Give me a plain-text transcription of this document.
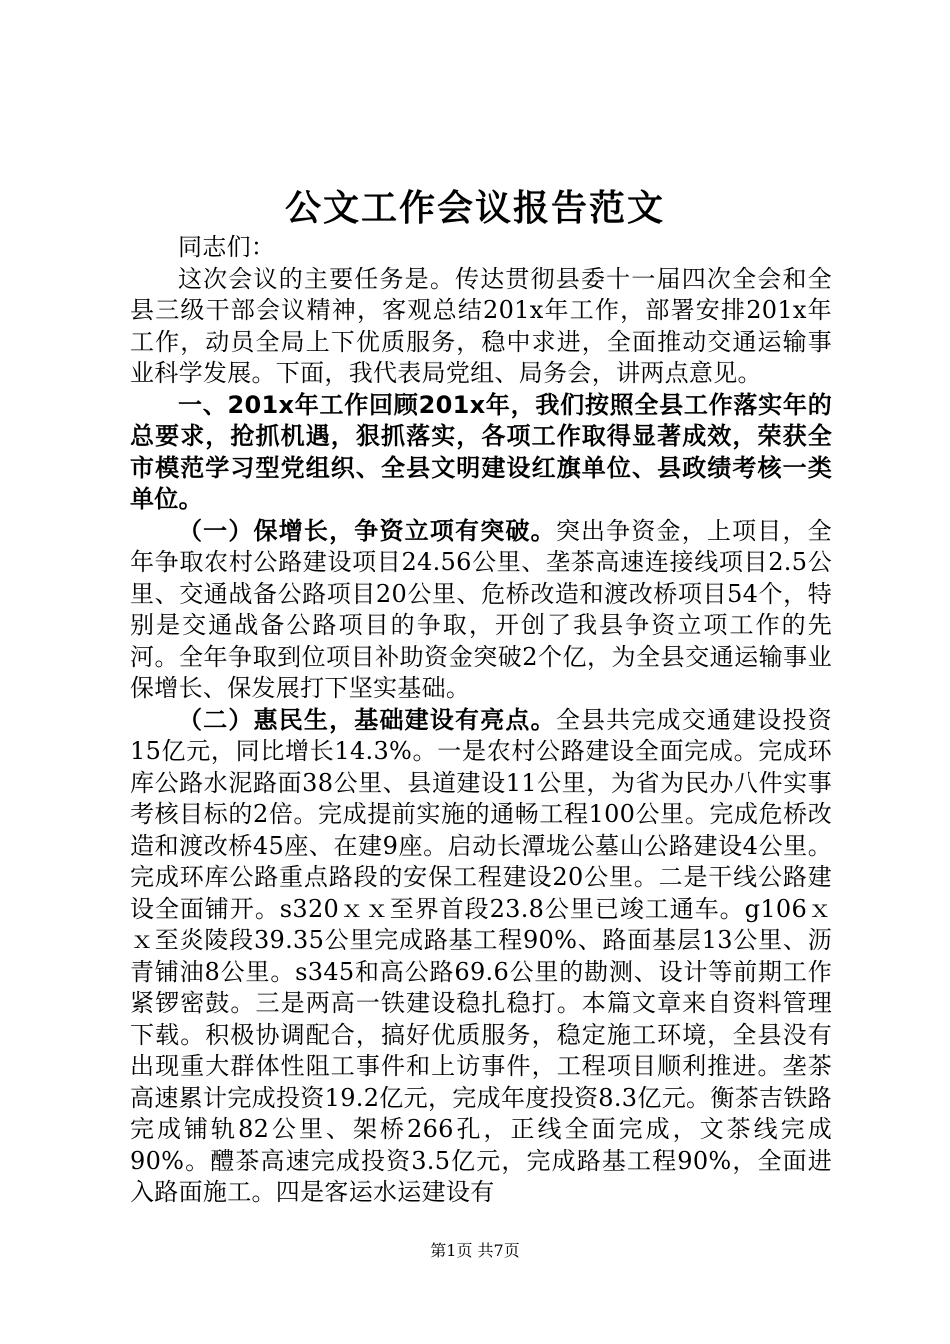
公文工作会议报告范文

同志们：

这次会议的主要任务是。传达贯彻县委十一届四次全会和全县三级干部会议精神，客观总结201x年工作，部署安排201x年工作，动员全局上下优质服务，稳中求进，全面推动交通运输事业科学发展。下面，我代表局党组、局务会，讲两点意见。

一、201x年工作回顾201x年，我们按照全县工作落实年的总要求，抢抓机遇，狠抓落实，各项工作取得显著成效，荣获全市模范学习型党组织、全县文明建设红旗单位、县政绩考核一类单位。

（一）保增长，争资立项有突破。突出争资金，上项目，全年争取农村公路建设项目24.56公里、垄茶高速连接线项目2.5公里、交通战备公路项目20公里、危桥改造和渡改桥项目54个，特别是交通战备公路项目的争取，开创了我县争资立项工作的先河。全年争取到位项目补助资金突破2个亿，为全县交通运输事业保增长、保发展打下坚实基础。

（二）惠民生，基础建设有亮点。全县共完成交通建设投资15亿元，同比增长14.3%。一是农村公路建设全面完成。完成环库公路水泥路面38公里、县道建设11公里，为省为民办八件实事考核目标的2倍。完成提前实施的通畅工程100公里。完成危桥改造和渡改桥45座、在建9座。启动长潭垅公墓山公路建设4公里。完成环库公路重点路段的安保工程建设20公里。二是干线公路建设全面铺开。s320ｘｘ至界首段23.8公里已竣工通车。g106ｘｘ至炎陵段39.35公里完成路基工程90%、路面基层13公里、沥青铺油8公里。s345和高公路69.6公里的勘测、设计等前期工作紧锣密鼓。三是两高一铁建设稳扎稳打。本篇文章来自资料管理下载。积极协调配合，搞好优质服务，稳定施工环境，全县没有出现重大群体性阻工事件和上访事件，工程项目顺利推进。垄茶高速累计完成投资19.2亿元，完成年度投资8.3亿元。衡茶吉铁路完成铺轨82公里、架桥266孔，正线全面完成，文茶线完成90%。醴茶高速完成投资3.5亿元，完成路基工程90%，全面进入路面施工。四是客运水运建设有

第1页 共7页
